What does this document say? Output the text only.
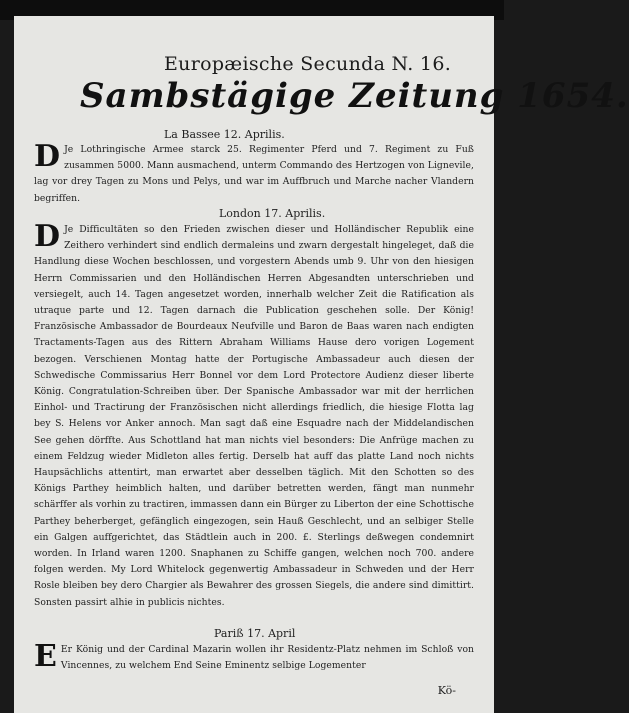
Europæische Secunda N. 16.
Sambstägige Zeitung 1654.
La Bassee 12. Aprilis.
D Je Lothringische Armee starck 25. Regimenter Pferd und 7. Regiment zu Fuß zusammen 5000. Mann ausmachend, unterm Commando des Hertzogen von Lignevile, lag vor drey Tagen zu Mons und Pelys, und war im Auffbruch und Marche nacher Vlandern begriffen.
London 17. Aprilis.
D Je Difficultäten so den Frieden zwischen dieser und Holländischer Republik eine Zeithero verhindert sind endlich dermaleins und zwarn dergestalt hingeleget, daß die Handlung diese Wochen beschlossen, und vorgestern Abends umb 9. Uhr von den hiesigen Herrn Commissarien und den Holländischen Herren Abgesandten unterschrieben und versiegelt, auch 14. Tagen angesetzet worden, innerhalb welcher Zeit die Ratification als utraque parte und 12. Tagen darnach die Publication geschehen solle. Der König! Französische Ambassador de Bourdeaux Neufville und Baron de Baas waren nach endigten Tractaments-Tagen aus des Rittern Abraham Williams Hause dero vorigen Logement bezogen. Verschienen Montag hatte der Portugische Ambassadeur auch diesen der Schwedische Commissarius Herr Bonnel vor dem Lord Protectore Audienz dieser liberte König. Congratulation-Schreiben über. Der Spanische Ambassador war mit der herrlichen Einhol- und Tractirung der Französischen nicht allerdings friedlich, die hiesige Flotta lag bey S. Helens vor Anker annoch. Man sagt daß eine Esquadre nach der Middelandischen See gehen dörffte. Aus Schottland hat man nichts viel besonders: Die Anfrüge machen zu einem Feldzug wieder Midleton alles fertig. Derselb hat auff das platte Land noch nichts Haupsächlichs attentirt, man erwartet aber desselben täglich. Mit den Schotten so des Königs Parthey heimblich halten, und darüber betretten werden, fängt man nunmehr schärffer als vorhin zu tractiren, immassen dann ein Bürger zu Liberton der eine Schottische Parthey beherberget, gefänglich eingezogen, sein Hauß Geschlecht, und an selbiger Stelle ein Galgen auffgerichtet, das Städtlein auch in 200. £. Sterlings deßwegen condemnirt worden. In Irland waren 1200. Snaphanen zu Schiffe gangen, welchen noch 700. andere folgen werden. My Lord Whitelock gegenwertig Ambassadeur in Schweden und der Herr Rosle bleiben bey dero Chargier als Bewahrer des grossen Siegels, die andere sind dimittirt. Sonsten passirt alhie in publicis nichtes.
Pariß 17. April
E Er König und der Cardinal Mazarin wollen ihr Residentz-Platz nehmen im Schloß von Vincennes, zu welchem End Seine Eminentz selbige Logementer
Kö-
